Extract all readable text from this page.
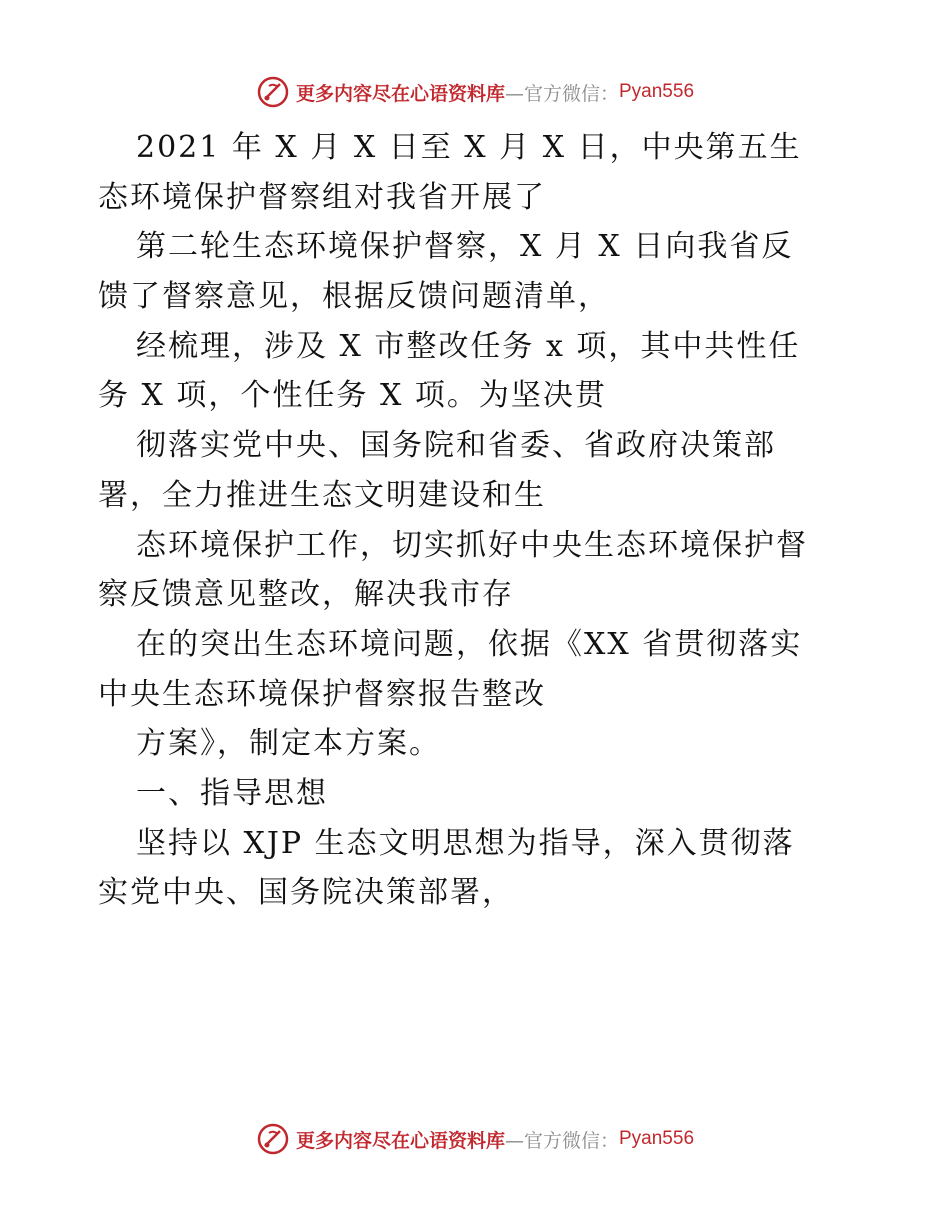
更多内容尽在心语资料库 —官方微信： Pyan556
2021 年 X 月 X 日至 X 月 X 日，中央第五生
态环境保护督察组对我省开展了
第二轮生态环境保护督察，X 月 X 日向我省反
馈了督察意见，根据反馈问题清单，
经梳理，涉及 X 市整改任务 x 项，其中共性任
务 X 项，个性任务 X 项。为坚决贯
彻落实党中央、国务院和省委、省政府决策部
署，全力推进生态文明建设和生
态环境保护工作，切实抓好中央生态环境保护督
察反馈意见整改，解决我市存
在的突出生态环境问题，依据《XX 省贯彻落实
中央生态环境保护督察报告整改
方案》，制定本方案。
一、指导思想
坚持以 XJP 生态文明思想为指导，深入贯彻落
实党中央、国务院决策部署，
更多内容尽在心语资料库 —官方微信： Pyan556
